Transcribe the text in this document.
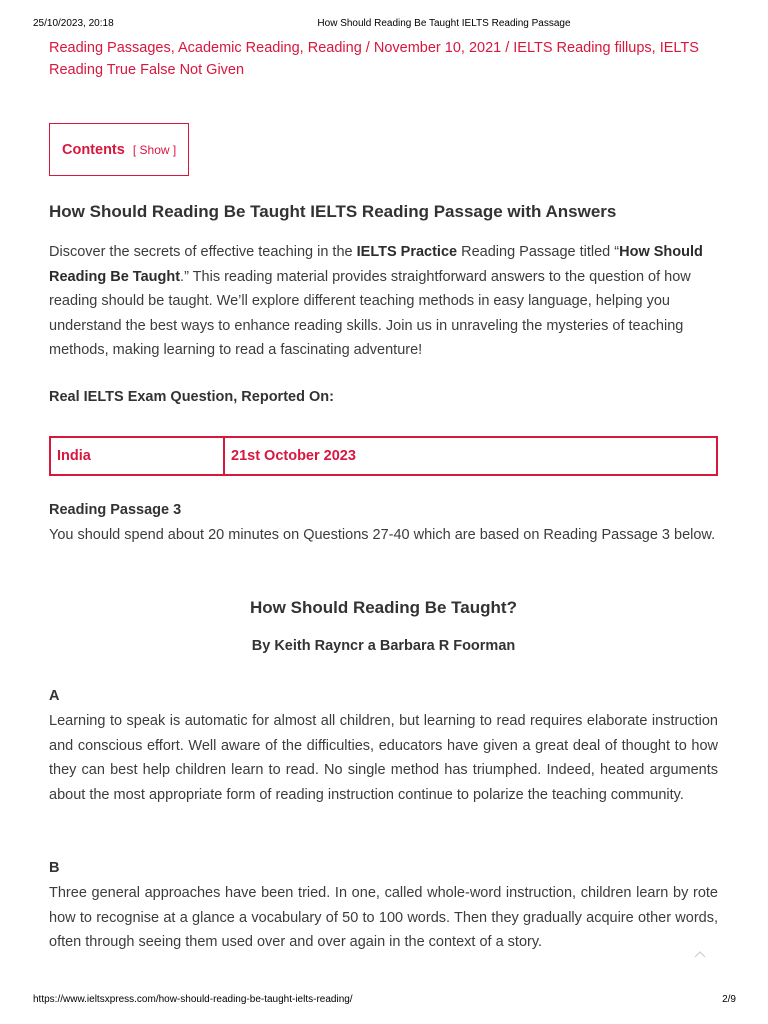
25/10/2023, 20:18	How Should Reading Be Taught IELTS Reading Passage
Reading Passages, Academic Reading, Reading / November 10, 2021 / IELTS Reading fillups, IELTS Reading True False Not Given
Contents [ Show ]
How Should Reading Be Taught IELTS Reading Passage with Answers
Discover the secrets of effective teaching in the IELTS Practice Reading Passage titled “How Should Reading Be Taught.” This reading material provides straightforward answers to the question of how reading should be taught. We’ll explore different teaching methods in easy language, helping you understand the best ways to enhance reading skills. Join us in unraveling the mysteries of teaching methods, making learning to read a fascinating adventure!
Real IELTS Exam Question, Reported On:
India	21st October 2023
Reading Passage 3
You should spend about 20 minutes on Questions 27-40 which are based on Reading Passage 3 below.
How Should Reading Be Taught?
By Keith Rayncr a Barbara R Foorman
A
Learning to speak is automatic for almost all children, but learning to read requires elaborate instruction and conscious effort. Well aware of the difficulties, educators have given a great deal of thought to how they can best help children learn to read. No single method has triumphed. Indeed, heated arguments about the most appropriate form of reading instruction continue to polarize the teaching community.
B
Three general approaches have been tried. In one, called whole-word instruction, children learn by rote how to recognise at a glance a vocabulary of 50 to 100 words. Then they gradually acquire other words, often through seeing them used over and over again in the context of a story.
https://www.ieltsxpress.com/how-should-reading-be-taught-ielts-reading/	2/9
